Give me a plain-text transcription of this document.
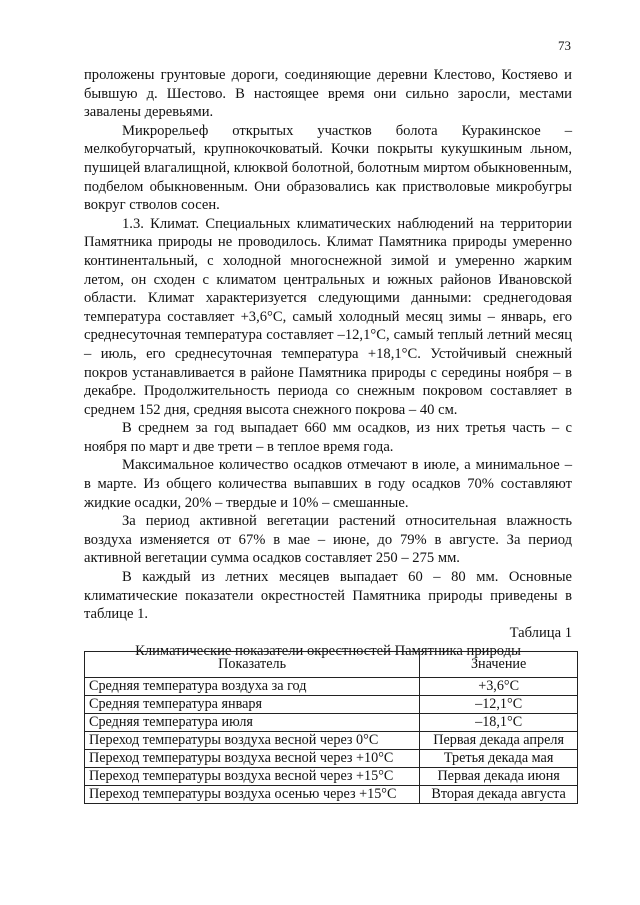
73

проложены грунтовые дороги, соединяющие деревни Клестово, Костяево и бывшую д. Шестово. В настоящее время они сильно заросли, местами завалены деревьями.

Микрорельеф открытых участков болота Куракинское – мелкобугорчатый, крупнокочковатый. Кочки покрыты кукушкиным льном, пушицей влагалищной, клюквой болотной, болотным миртом обыкновенным, подбелом обыкновенным. Они образовались как пристволовые микробугры вокруг стволов сосен.

1.3. Климат. Специальных климатических наблюдений на территории Памятника природы не проводилось. Климат Памятника природы умеренно континентальный, с холодной многоснежной зимой и умеренно жарким летом, он сходен с климатом центральных и южных районов Ивановской области. Климат характеризуется следующими данными: среднегодовая температура составляет +3,6°С, самый холодный месяц зимы – январь, его среднесуточная температура составляет –12,1°С, самый теплый летний месяц – июль, его среднесуточная температура +18,1°С. Устойчивый снежный покров устанавливается в районе Памятника природы с середины ноября – в декабре. Продолжительность периода со снежным покровом составляет в среднем 152 дня, средняя высота снежного покрова – 40 см.

В среднем за год выпадает 660 мм осадков, из них третья часть – с ноября по март и две трети – в теплое время года.

Максимальное количество осадков отмечают в июле, а минимальное – в марте. Из общего количества выпавших в году осадков 70% составляют жидкие осадки, 20% – твердые и 10% – смешанные.

За период активной вегетации растений относительная влажность воздуха изменяется от 67% в мае – июне, до 79% в августе. За период активной вегетации сумма осадков составляет 250 – 275 мм.

В каждый из летних месяцев выпадает 60 – 80 мм. Основные климатические показатели окрестностей Памятника природы приведены в таблице 1.

Таблица 1

Климатические показатели окрестностей Памятника природы

Показатель	Значение
Средняя температура воздуха за год	+3,6°С
Средняя температура января	–12,1°С
Средняя температура июля	–18,1°С
Переход температуры воздуха весной через 0°С	Первая декада апреля
Переход температуры воздуха весной через +10°С	Третья декада мая
Переход температуры воздуха весной через +15°С	Первая декада июня
Переход температуры воздуха осенью через +15°С	Вторая декада августа
